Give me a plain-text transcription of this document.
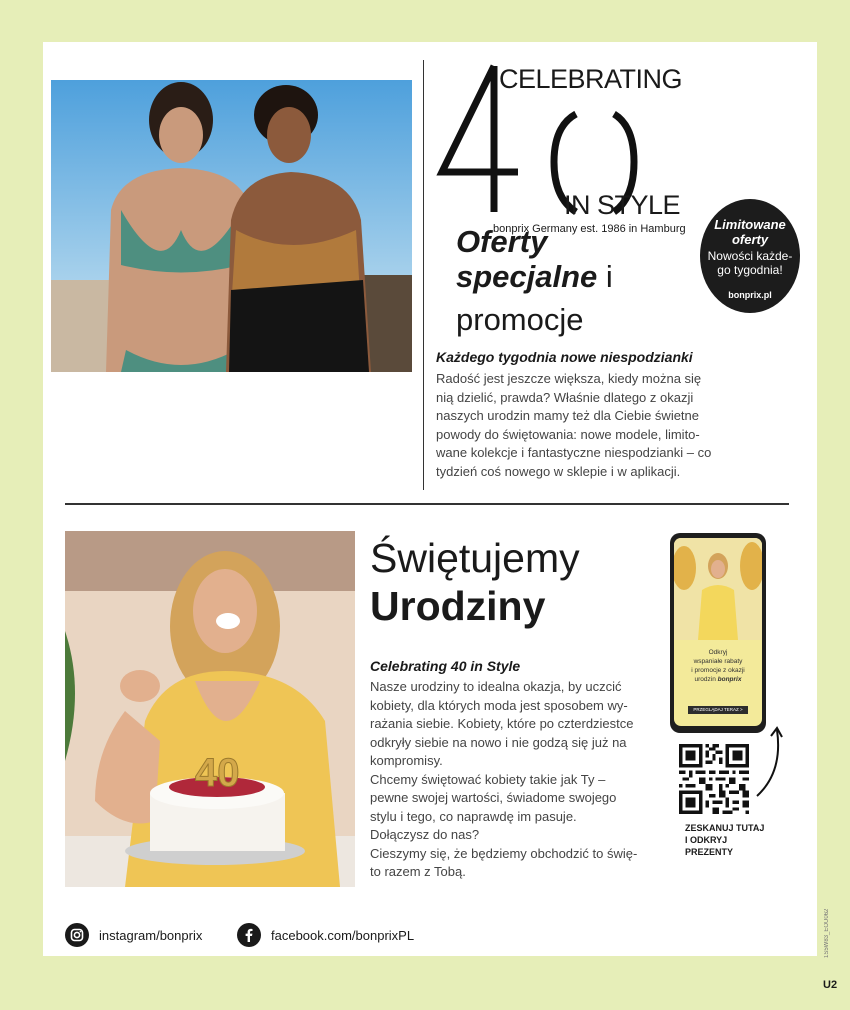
CELEBRATING
IN STYLE
bonprix Germany est. 1986 in Hamburg
Oferty
specjalne i
promocje
Limitowane
oferty
Nowości każde-
go tygodnia!
bonprix.pl
Każdego tygodnia nowe niespodzianki
Radość jest jeszcze większa, kiedy można się
nią dzielić, prawda? Właśnie dlatego z okazji
naszych urodzin mamy też dla Ciebie świetne
powody do świętowania: nowe modele, limito-
wane kolekcje i fantastyczne niespodzianki – co
tydzień coś nowego w sklepie i w aplikacji.
40
Świętujemy
Urodziny
Celebrating 40 in Style

Nasze urodziny to idealna okazja, by uczcić

kobiety, dla których moda jest sposobem wy-

rażania siebie. Kobiety, które po czterdziestce

odkryły siebie na nowo i nie godzą się już na

kompromisy.

Chcemy świętować kobiety takie jak Ty –

pewne swojej wartości, świadome swojego

stylu i tego, co naprawdę im pasuje.

Dołączysz do nas?

Cieszymy się, że będziemy obchodzić to świę-

to razem z Tobą.

Odkryj
wspaniałe rabaty
i promocje z okazji
urodzin bonprix
PRZEGLĄDAJ TERAZ >
ZESKANUJ TUTAJ
I ODKRYJ
PREZENTY
instagram/bonprix	facebook.com/bonprixPL	1S5W83_EOU062
U2
